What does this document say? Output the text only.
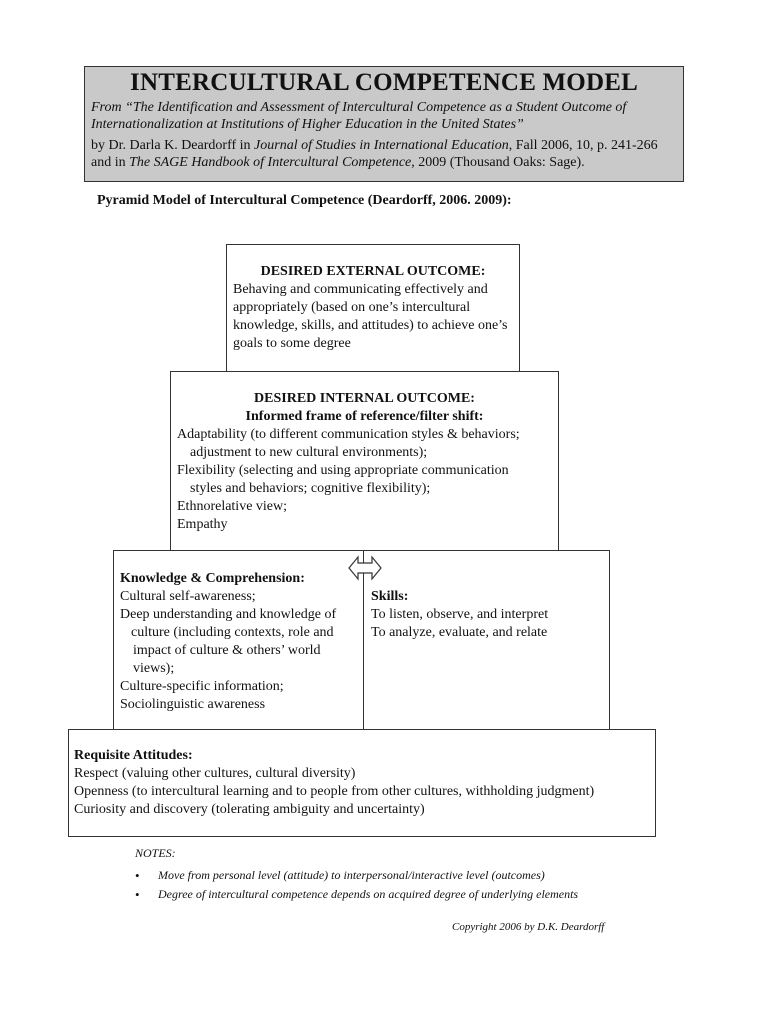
INTERCULTURAL COMPETENCE MODEL
From “The Identification and Assessment of Intercultural Competence as a Student Outcome of Internationalization at Institutions of Higher Education in the United States”
by Dr. Darla K. Deardorff in Journal of Studies in International Education, Fall 2006, 10, p. 241-266 and in The SAGE Handbook of Intercultural Competence, 2009 (Thousand Oaks: Sage).
Pyramid Model of Intercultural Competence (Deardorff, 2006. 2009):
DESIRED EXTERNAL OUTCOME:
Behaving and communicating effectively and appropriately (based on one’s intercultural knowledge, skills, and attitudes) to achieve one’s goals to some degree
DESIRED INTERNAL OUTCOME:
Informed frame of reference/filter shift:
Adaptability (to different communication styles & behaviors;
adjustment to new cultural environments);
Flexibility (selecting and using appropriate communication
styles and behaviors; cognitive flexibility);
Ethnorelative view;
Empathy
Knowledge & Comprehension:
Cultural self-awareness;
Deep understanding and knowledge of
culture (including contexts, role and
impact of culture & others’ world
views);
Culture-specific information;
Sociolinguistic awareness
Skills:
To listen, observe, and interpret
To analyze, evaluate, and relate
Requisite Attitudes:
Respect (valuing other cultures, cultural diversity)
Openness (to intercultural learning and to people from other cultures, withholding judgment)
Curiosity and discovery (tolerating ambiguity and uncertainty)
NOTES:
• Move from personal level (attitude) to interpersonal/interactive level (outcomes)
• Degree of intercultural competence depends on acquired degree of underlying elements
Copyright 2006 by D.K. Deardorff
